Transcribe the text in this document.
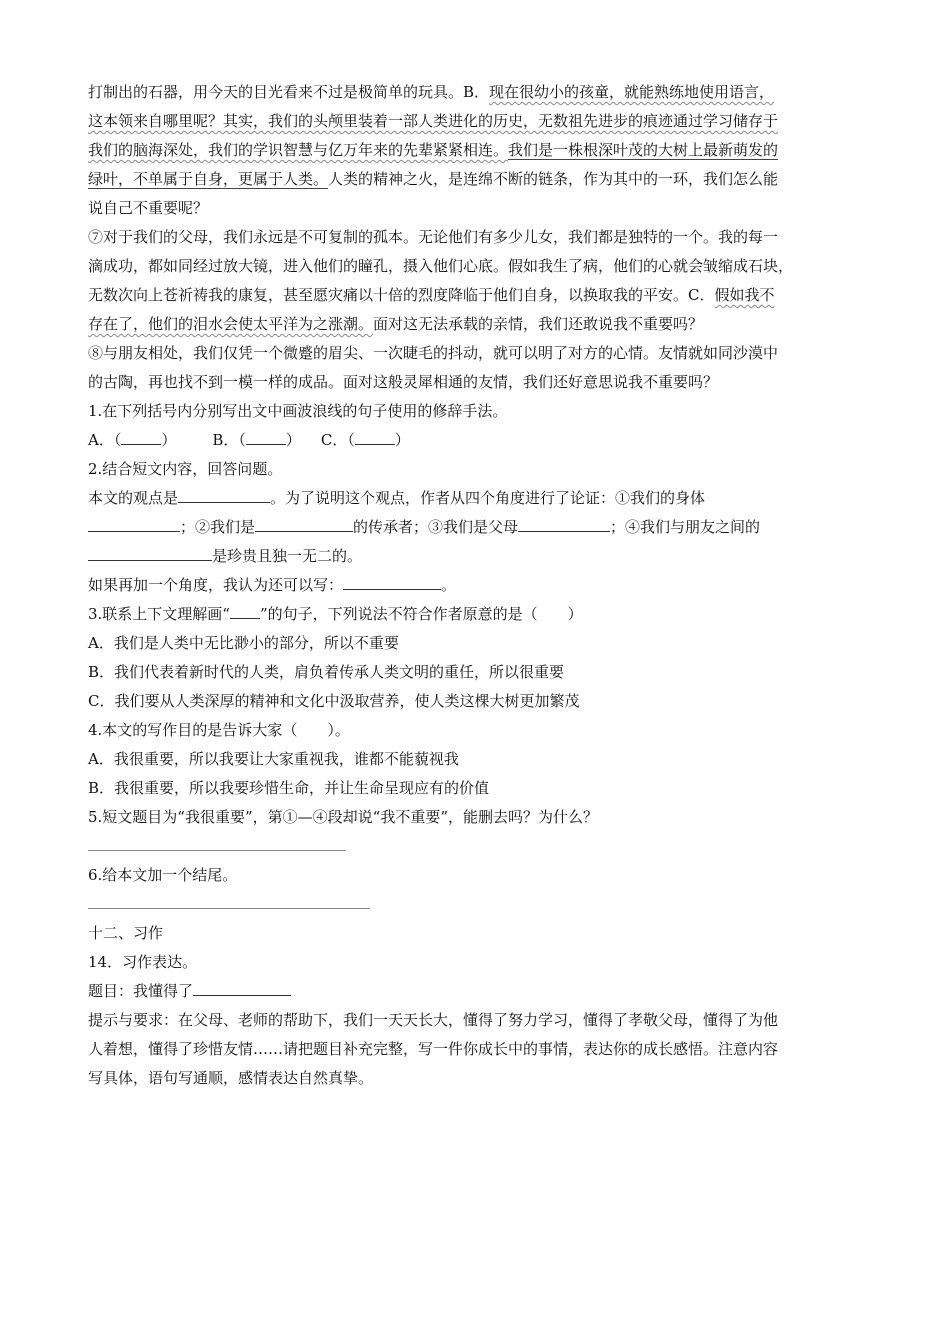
打制出的石器，用今天的目光看来不过是极简单的玩具。B．现在很幼小的孩童，就能熟练地使用语言，
这本领来自哪里呢？其实，我们的头颅里装着一部人类进化的历史，无数祖先进步的痕迹通过学习储存于
我们的脑海深处，我们的学识智慧与亿万年来的先辈紧紧相连。我们是一株根深叶茂的大树上最新萌发的
绿叶，不单属于自身，更属于人类。人类的精神之火，是连绵不断的链条，作为其中的一环，我们怎么能
说自己不重要呢？
⑦对于我们的父母，我们永远是不可复制的孤本。无论他们有多少儿女，我们都是独特的一个。我的每一
滴成功，都如同经过放大镜，进入他们的瞳孔，摄入他们心底。假如我生了病，他们的心就会皱缩成石块，
无数次向上苍祈祷我的康复，甚至愿灾痛以十倍的烈度降临于他们自身，以换取我的平安。C．假如我不
存在了，他们的泪水会使太平洋为之涨潮。面对这无法承载的亲情，我们还敢说我不重要吗？
⑧与朋友相处，我们仅凭一个微蹙的眉尖、一次睫毛的抖动，就可以明了对方的心情。友情就如同沙漠中
的古陶，再也找不到一模一样的成品。面对这般灵犀相通的友情，我们还好意思说我不重要吗？
1.在下列括号内分别写出文中画波浪线的句子使用的修辞手法。
A．（	） B．（	） C．（	）
2.结合短文内容，回答问题。
本文的观点是	。为了说明这个观点，作者从四个角度进行了论证：①我们的身体
；②我们是	的传承者；③我们是父母	；④我们与朋友之间的
是珍贵且独一无二的。
如果再加一个角度，我认为还可以写：	。
3.联系上下文理解画“ ”的句子，下列说法不符合作者原意的是（　　）
A．我们是人类中无比渺小的部分，所以不重要
B．我们代表着新时代的人类，肩负着传承人类文明的重任，所以很重要
C．我们要从人类深厚的精神和文化中汲取营养，使人类这棵大树更加繁茂
4.本文的写作目的是告诉大家（　　）。
A．我很重要，所以我要让大家重视我，谁都不能藐视我
B．我很重要，所以我要珍惜生命，并让生命呈现应有的价值
5.短文题目为“我很重要”，第①—④段却说“我不重要”，能删去吗？为什么？
6.给本文加一个结尾。
十二、习作
14．习作表达。
题目：我懂得了
提示与要求：在父母、老师的帮助下，我们一天天长大，懂得了努力学习，懂得了孝敬父母，懂得了为他
人着想，懂得了珍惜友情……请把题目补充完整，写一件你成长中的事情，表达你的成长感悟。注意内容
写具体，语句写通顺，感情表达自然真挚。
